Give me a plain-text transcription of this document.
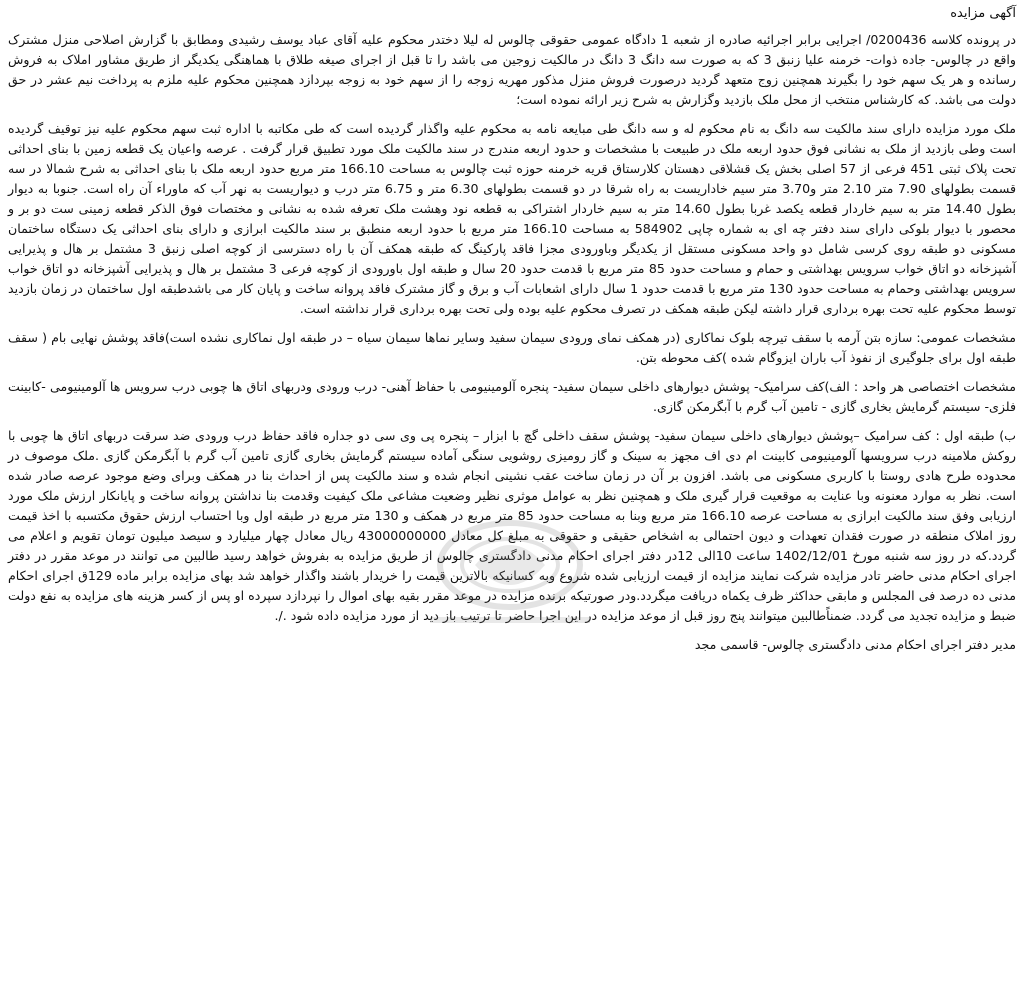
آگهی مزایده

در پرونده کلاسه 0200436/ اجرایی برابر اجرائیه صادره از شعبه 1 دادگاه عمومی حقوقی چالوس له لیلا دختدر محکوم علیه آقای عباد یوسف رشیدی ومطابق با گزارش اصلاحی منزل مشترک واقع در چالوس- جاده ذوات- خرمنه علیا زنبق 3 که به صورت سه دانگ 3 دانگ در مالکیت زوجین می باشد را تا قبل از اجرای صیغه طلاق با هماهنگی یکدیگر از طریق مشاور املاک به فروش رسانده و هر یک سهم خود را بگیرند همچنین زوج متعهد گردید درصورت فروش منزل مذکور مهریه زوجه را از سهم خود به زوجه بپردازد همچنین محکوم علیه ملزم به پرداخت نیم عشر در حق دولت می باشد. که کارشناس منتخب از محل ملک بازدید وگزارش به شرح زیر ارائه نموده است؛

ملک مورد مزایده دارای سند مالکیت سه دانگ به نام محکوم له و سه دانگ طی مبایعه نامه به محکوم علیه واگذار گردیده است که طی مکاتبه با اداره ثبت سهم محکوم علیه نیز توقیف گردیده است وطی بازدید از ملک به نشانی فوق حدود اربعه ملک در طبیعت با مشخصات و حدود اربعه مندرج در سند مالکیت ملک مورد تطبیق قرار گرفت . عرصه واعیان یک قطعه زمین با بنای احداثی تحت پلاک ثبتی 451 فرعی از 57 اصلی بخش یک قشلاقی دهستان کلارستاق قریه خرمنه حوزه ثبت چالوس به مساحت 166.10 متر مربع حدود اربعه ملک با بنای احداثی به شرح شمالا در سه قسمت بطولهای 7.90 متر 2.10 متر و3.70 متر سیم خاداریست به راه شرقا در دو قسمت بطولهای 6.30 متر و 6.75 متر درب و دیواریست به نهر آب که ماوراء آن راه است. جنوبا به دیوار بطول 14.40 متر به سیم خاردار قطعه یکصد غربا بطول 14.60 متر به سیم خاردار اشتراکی به قطعه نود وهشت ملک تعرفه شده به نشانی و مختصات فوق الذکر قطعه زمینی ست دو بر و محصور با دیوار بلوکی دارای سند دفتر چه ای به شماره چاپی 584902 به مساحت 166.10 متر مربع با حدود اربعه منطبق بر سند مالکیت ابرازی و دارای بنای احداثی یک دستگاه ساختمان مسکونی دو طبقه روی کرسی شامل دو واحد مسکونی مستقل از یکدیگر وباورودی مجزا فاقد پارکینگ که طبقه همکف آن با راه دسترسی از کوچه اصلی زنبق 3 مشتمل بر هال و پذیرایی آشپزخانه دو اتاق خواب سرویس بهداشتی و حمام و مساحت حدود 85 متر مربع با قدمت حدود 20 سال و طبقه اول باورودی از کوچه فرعی 3 مشتمل بر هال و پذیرایی آشپزخانه دو اتاق خواب سرویس بهداشتی وحمام به مساحت حدود 130 متر مربع با قدمت حدود 1 سال دارای اشعابات آب و برق و گاز مشترک فاقد پروانه ساخت و پایان کار می باشدطبقه اول ساختمان در زمان بازدید توسط محکوم علیه تحت بهره برداری قرار داشته لیکن طبقه همکف در تصرف محکوم علیه بوده ولی تحت بهره برداری قرار نداشته است.

مشخصات عمومی: سازه بتن آرمه با سقف تیرچه بلوک نماکاری (در همکف نمای ورودی سیمان سفید وسایر نماها سیمان سیاه – در طبقه اول نماکاری نشده است)فاقد پوشش نهایی بام ( سقف طبقه اول برای جلوگیری از نفوذ آب باران ایزوگام شده )کف محوطه بتن.

مشخصات اختصاصی هر واحد : الف)کف سرامیک- پوشش دیوارهای داخلی سیمان سفید- پنجره آلومینیومی با حفاظ آهنی- درب ورودی ودربهای اتاق ها چوبی درب سرویس ها آلومینیومی -کابینت فلزی- سیستم گرمایش بخاری گازی - تامین آب گرم با آبگرمکن گازی.

ب) طبقه اول : کف سرامیک –پوشش دیوارهای داخلی سیمان سفید- پوشش سقف داخلی گچ با ابزار – پنجره پی وی سی دو جداره فاقد حفاظ درب ورودی ضد سرقت دربهای اتاق ها چوبی با روکش ملامینه درب سرویسها آلومینیومی کابینت ام دی اف مجهز به سینک و گاز رومیزی روشویی سنگی آماده سیستم گرمایش بخاری گازی تامین آب گرم با آبگرمکن گازی .ملک موصوف در محدوده طرح هادی روستا با کاربری مسکونی می باشد. افزون بر آن در زمان ساخت عقب نشینی انجام شده و سند مالکیت پس از احداث بنا در همکف وبرای وضع موجود عرصه صادر شده است. نظر به موارد معنونه وبا عنایت به موقعیت قرار گیری ملک و همچنین نظر به عوامل موثری نظیر وضعیت مشاعی ملک کیفیت وقدمت بنا نداشتن پروانه ساخت و پایانکار ارزش ملک مورد ارزیابی وفق سند مالکیت ابرازی به مساحت عرصه 166.10 متر مربع وبنا به مساحت حدود 85 متر مربع در همکف و 130 متر مربع در طبقه اول وبا احتساب ارزش حقوق مکتسبه با اخذ قیمت روز املاک منطقه در صورت فقدان تعهدات و دیون احتمالی به اشخاص حقیقی و حقوقی به مبلغ کل معادل 43000000000 ریال معادل چهار میلیارد و سیصد میلیون تومان تقویم و اعلام می گردد.که در روز سه شنبه مورخ 1402/12/01 ساعت 10الی 12در دفتر اجرای احکام مدنی دادگستری چالوس از طریق مزایده به بفروش خواهد رسید طالبین می توانند در موعد مقرر در دفتر اجرای احکام مدنی حاضر تادر مزایده شرکت نمایند مزایده از قیمت ارزیابی شده شروع وبه کسانیکه بالاترین قیمت را خریدار باشند واگذار خواهد شد بهای مزایده برابر ماده 129ق اجرای احکام مدنی ده درصد فی المجلس و مابقی حداکثر ظرف یکماه دریافت میگردد.ودر صورتیکه برنده مزایده در موعد مقرر بقیه بهای اموال را نپردازد سپرده او پس از کسر هزینه های مزایده به نفع دولت ضبط و مزایده تجدید می گردد. ضمناًطالبین میتوانند پنج روز قبل از موعد مزایده در این اجرا حاضر تا ترتیب باز دید از مورد مزایده داده شود ./.

مدیر دفتر اجرای احکام مدنی دادگستری چالوس- قاسمی مجد
